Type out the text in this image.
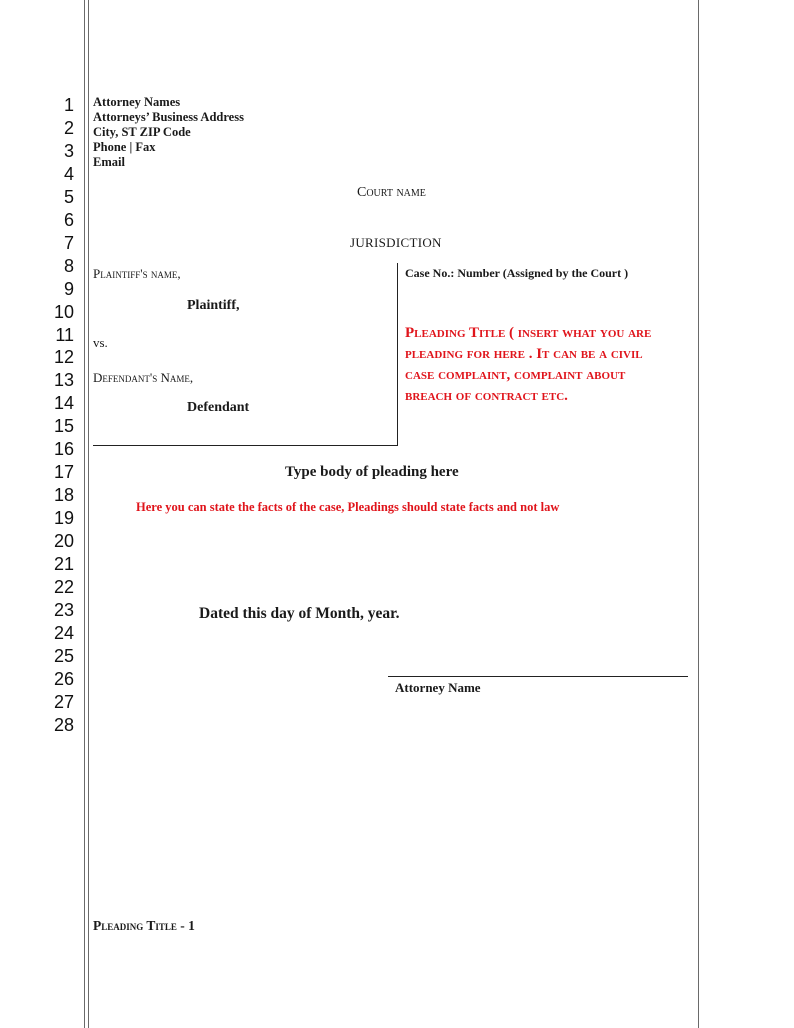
1
2
3
4
5
6
7
8
9
10
11
12
13
14
15
16
17
18
19
20
21
22
23
24
25
26
27
28
Attorney Names
Attorneys’ Business Address
City, ST ZIP Code
Phone | Fax
Email
Court name
JURISDICTION
Plaintiff's name,
Plaintiff,
vs.
Defendant's Name,
Defendant
Case No.: Number (Assigned by the Court )
Pleading Title ( insert what you are
pleading for here . It can be a civil
case complaint, complaint about
breach of contract etc.
Type body of pleading here
Here you can state the facts of the case, Pleadings should state facts and not law
Dated this day of Month, year.
Attorney Name
Pleading Title - 1
